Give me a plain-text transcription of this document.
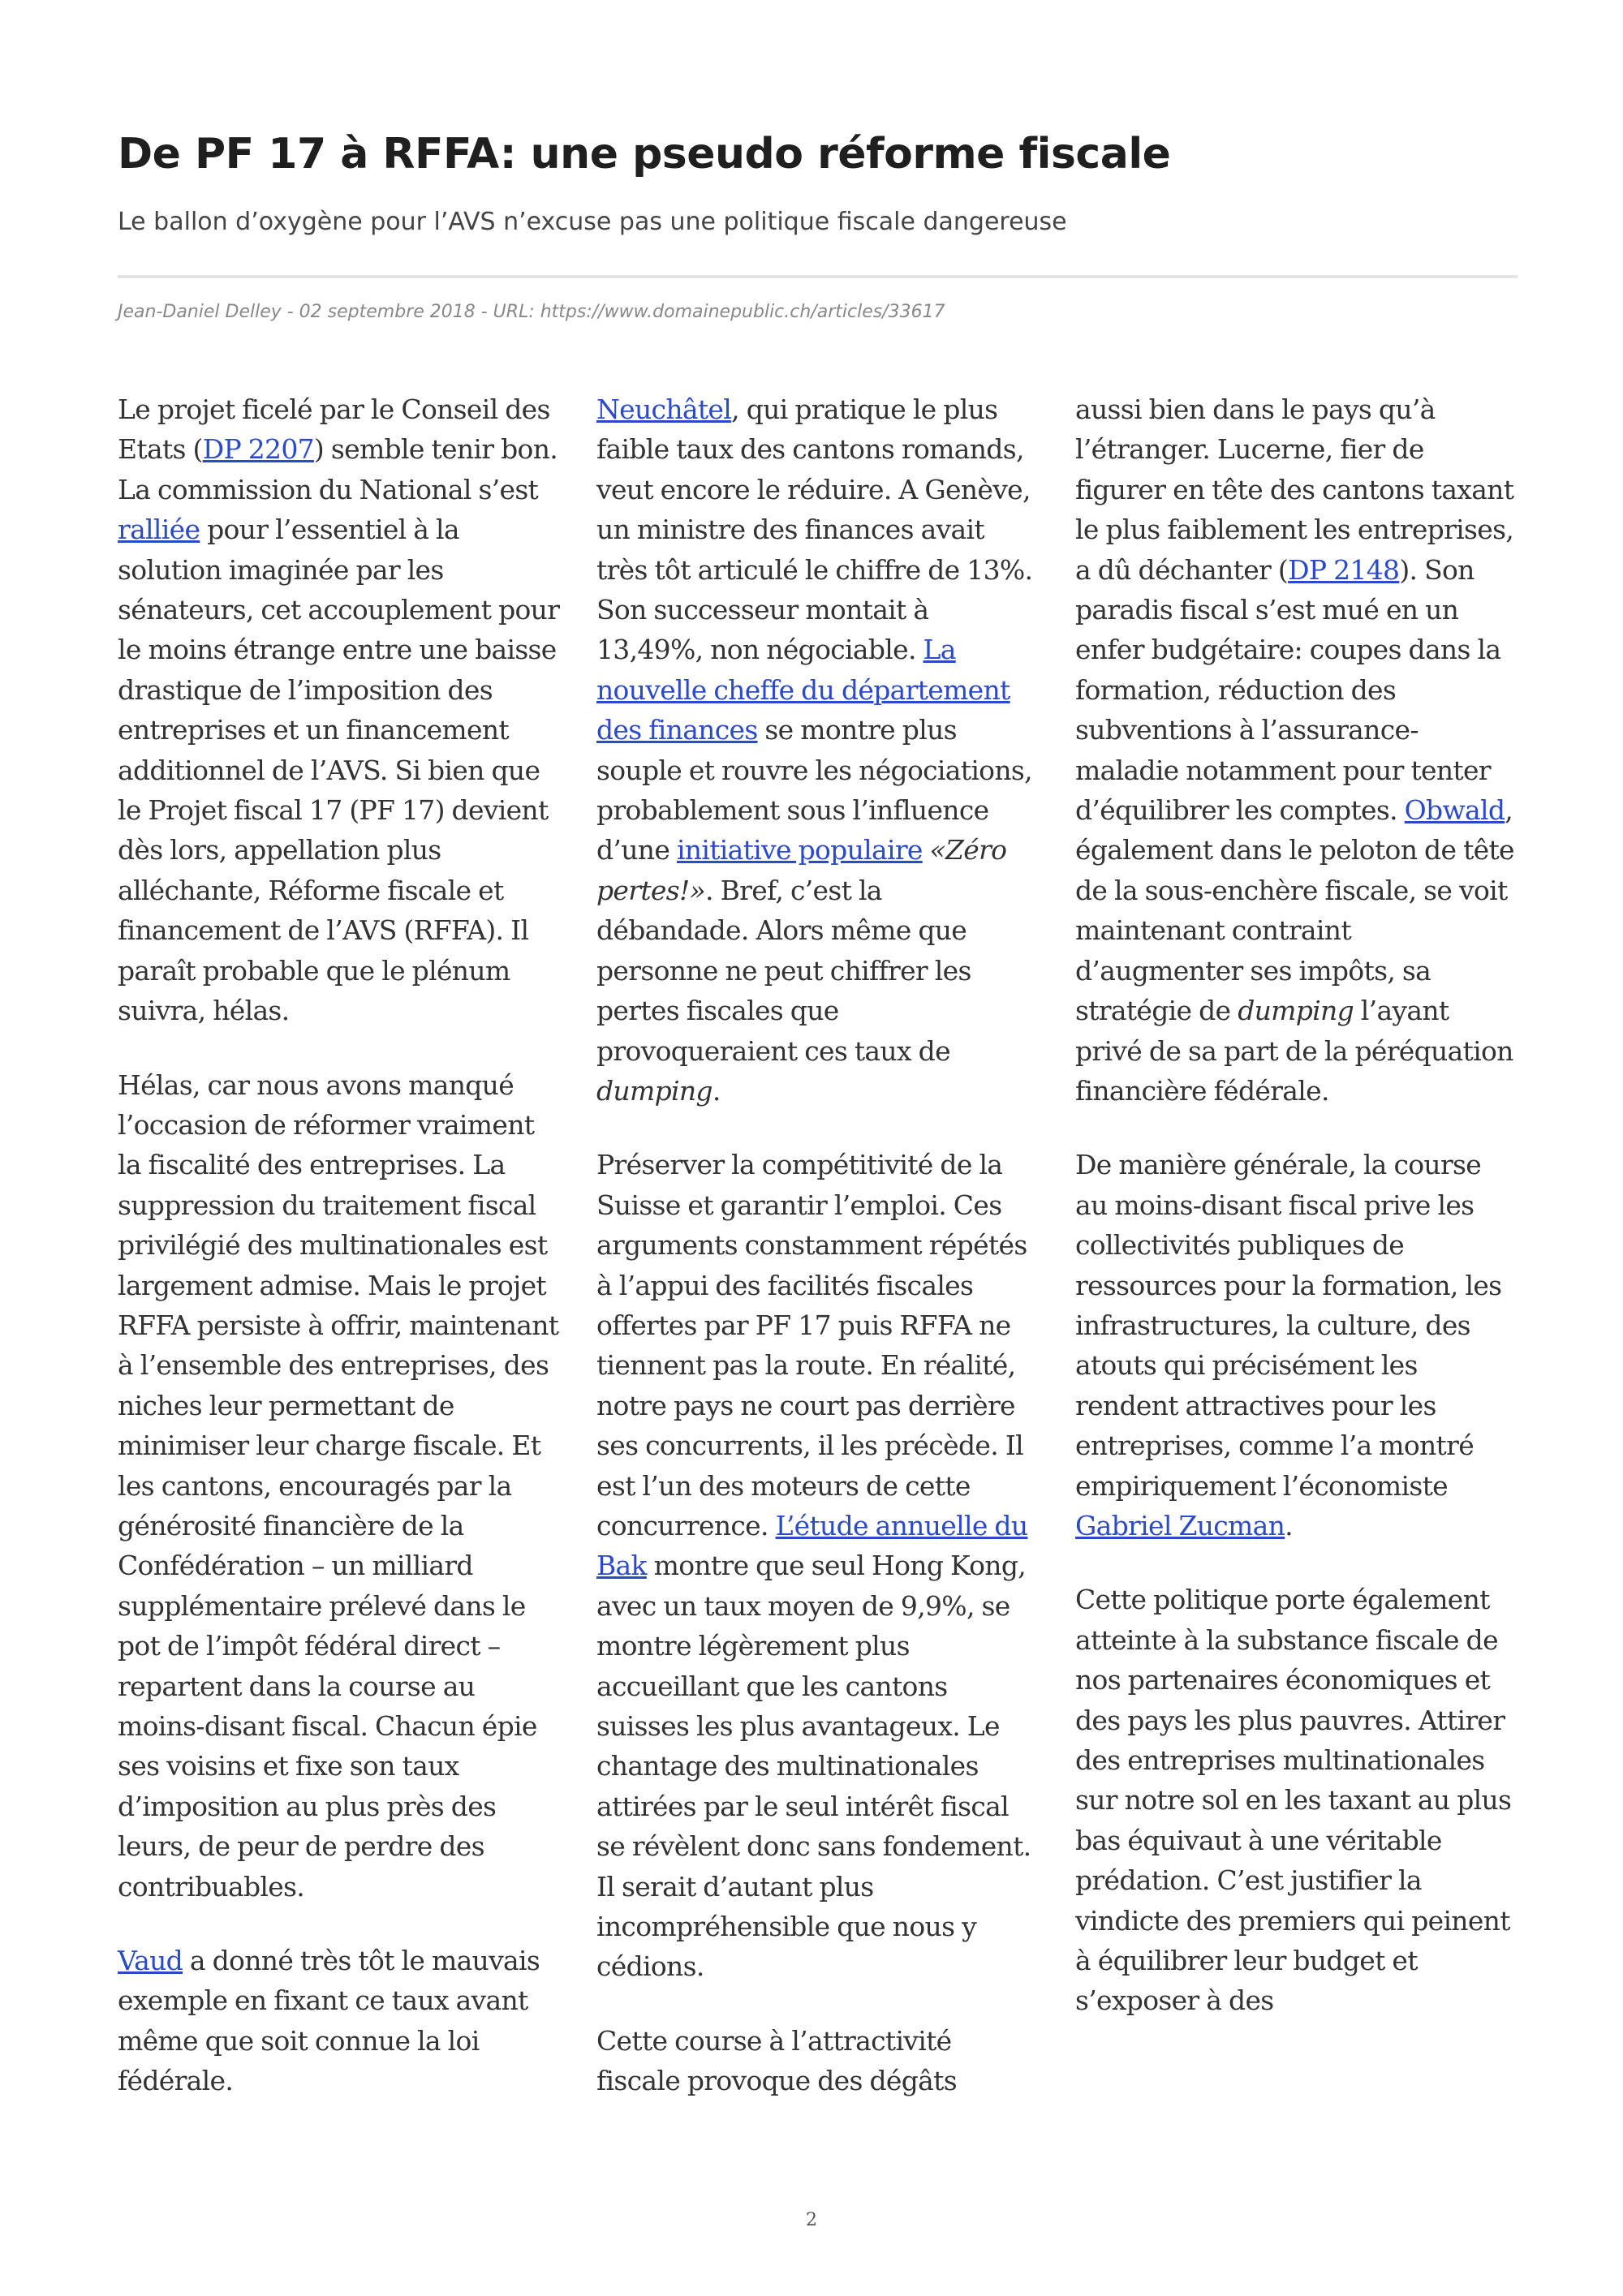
De PF 17 à RFFA: une pseudo réforme fiscale
Le ballon d’oxygène pour l’AVS n’excuse pas une politique fiscale dangereuse
Jean-Daniel Delley - 02 septembre 2018 - URL: https://www.domainepublic.ch/articles/33617

Le projet ficelé par le Conseil des Etats (DP 2207) semble tenir bon. La commission du National s’est ralliée pour l’essentiel à la solution imaginée par les sénateurs, cet accouplement pour le moins étrange entre une baisse drastique de l’imposition des entreprises et un financement additionnel de l’AVS. Si bien que le Projet fiscal 17 (PF 17) devient dès lors, appellation plus alléchante, Réforme fiscale et financement de l’AVS (RFFA). Il paraît probable que le plénum suivra, hélas.

Hélas, car nous avons manqué l’occasion de réformer vraiment la fiscalité des entreprises. La suppression du traitement fiscal privilégié des multinationales est largement admise. Mais le projet RFFA persiste à offrir, maintenant à l’ensemble des entreprises, des niches leur permettant de minimiser leur charge fiscale. Et les cantons, encouragés par la générosité financière de la Confédération – un milliard supplémentaire prélevé dans le pot de l’impôt fédéral direct – repartent dans la course au moins-disant fiscal. Chacun épie ses voisins et fixe son taux d’imposition au plus près des leurs, de peur de perdre des contribuables.

Vaud a donné très tôt le mauvais exemple en fixant ce taux avant même que soit connue la loi fédérale.

Neuchâtel, qui pratique le plus faible taux des cantons romands, veut encore le réduire. A Genève, un ministre des finances avait très tôt articulé le chiffre de 13%. Son successeur montait à 13,49%, non négociable. La nouvelle cheffe du département des finances se montre plus souple et rouvre les négociations, probablement sous l’influence d’une initiative populaire «Zéro pertes!». Bref, c’est la débandade. Alors même que personne ne peut chiffrer les pertes fiscales que provoqueraient ces taux de dumping.

Préserver la compétitivité de la Suisse et garantir l’emploi. Ces arguments constamment répétés à l’appui des facilités fiscales offertes par PF 17 puis RFFA ne tiennent pas la route. En réalité, notre pays ne court pas derrière ses concurrents, il les précède. Il est l’un des moteurs de cette concurrence. L’étude annuelle du Bak montre que seul Hong Kong, avec un taux moyen de 9,9%, se montre légèrement plus accueillant que les cantons suisses les plus avantageux. Le chantage des multinationales attirées par le seul intérêt fiscal se révèlent donc sans fondement. Il serait d’autant plus incompréhensible que nous y cédions.

Cette course à l’attractivité fiscale provoque des dégâts

aussi bien dans le pays qu’à l’étranger. Lucerne, fier de figurer en tête des cantons taxant le plus faiblement les entreprises, a dû déchanter (DP 2148). Son paradis fiscal s’est mué en un enfer budgétaire: coupes dans la formation, réduction des subventions à l’assurance-maladie notamment pour tenter d’équilibrer les comptes. Obwald, également dans le peloton de tête de la sous-enchère fiscale, se voit maintenant contraint d’augmenter ses impôts, sa stratégie de dumping l’ayant privé de sa part de la péréquation financière fédérale.

De manière générale, la course au moins-disant fiscal prive les collectivités publiques de ressources pour la formation, les infrastructures, la culture, des atouts qui précisément les rendent attractives pour les entreprises, comme l’a montré empiriquement l’économiste Gabriel Zucman.

Cette politique porte également atteinte à la substance fiscale de nos partenaires économiques et des pays les plus pauvres. Attirer des entreprises multinationales sur notre sol en les taxant au plus bas équivaut à une véritable prédation. C’est justifier la vindicte des premiers qui peinent à équilibrer leur budget et s’exposer à des

2
